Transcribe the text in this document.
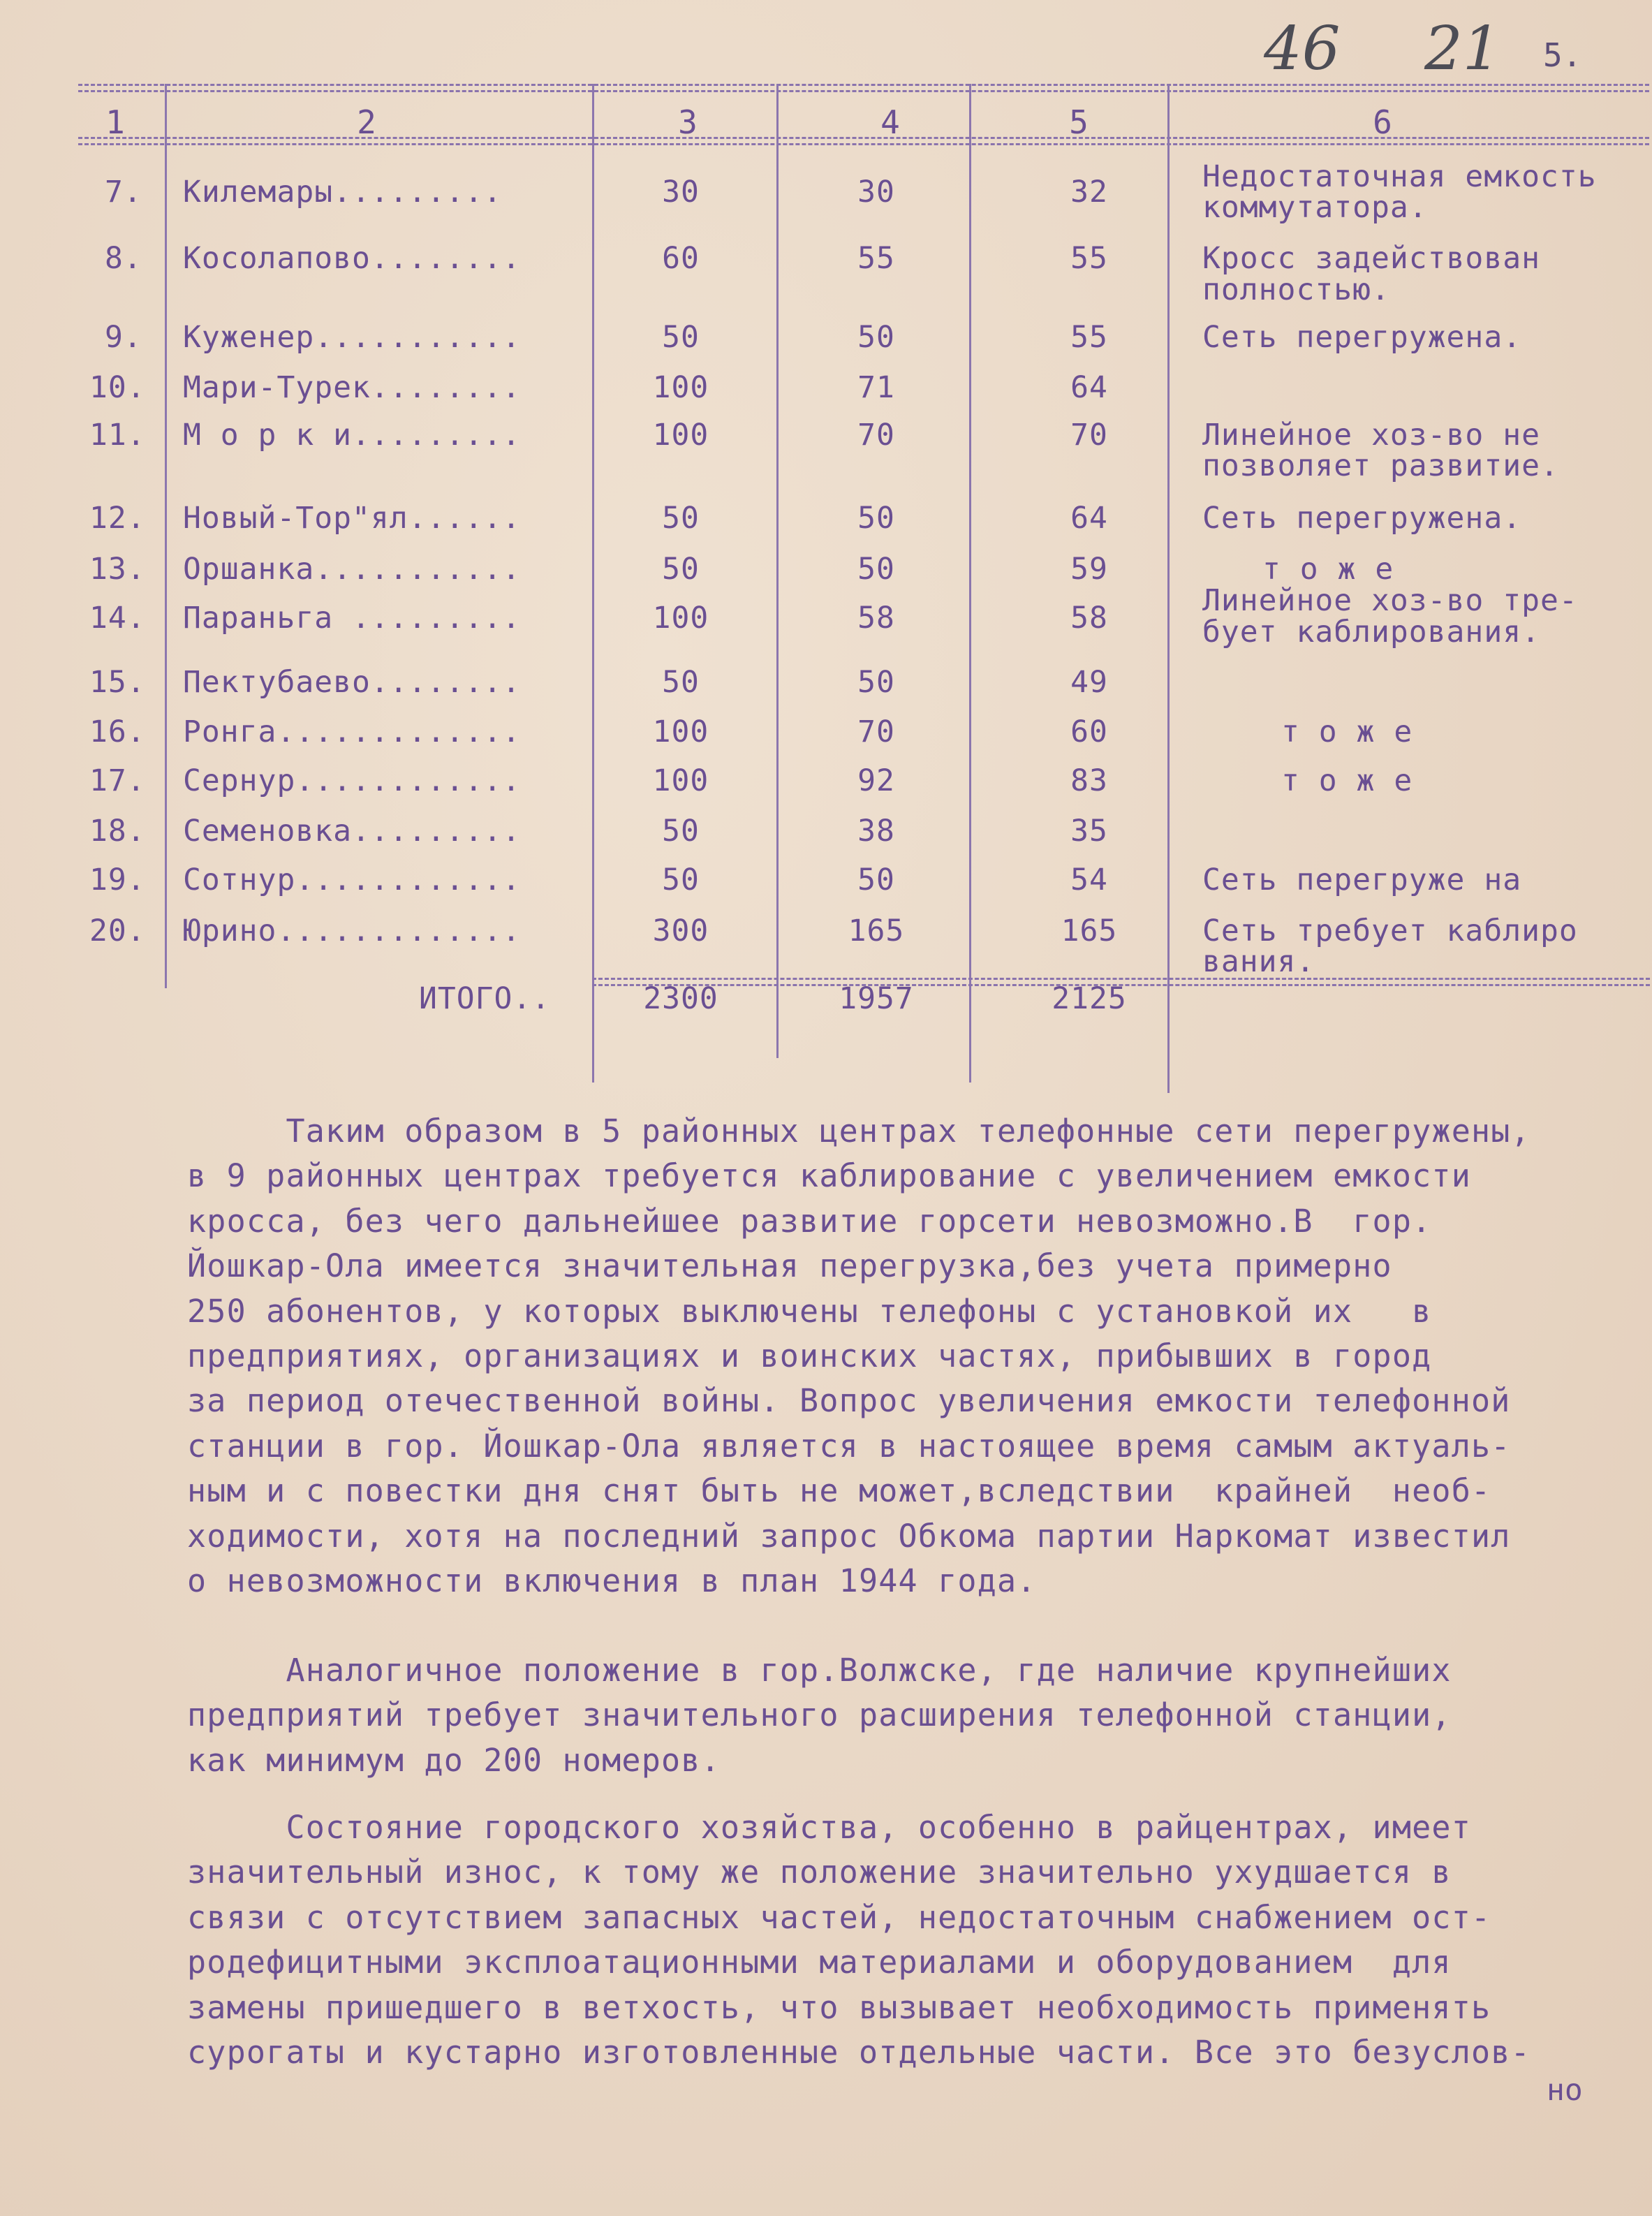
46 21 5.
1	2	3	4	5	6
7. Килемары.........	30	30	32	Недостаточная емкость
коммутатора.
8. Косолапово........	60	55	55	Кросс задействован
полностью.
9. Куженер...........	50	50	55	Сеть перегружена.
10. Мари-Турек........	100	71	64
11. М о р к и.........	100	70	70	Линейное хоз-во не
позволяет развитие.
12. Новый-Тор"ял......	50	50	64	Сеть перегружена.
13. Оршанка...........	50	50	59	т о ж е
14. Параньга .........	100	58	58	Линейное хоз-во тре-
бует каблирования.
15. Пектубаево........	50	50	49
16. Ронга.............	100	70	60	т о ж е
17. Сернур............	100	92	83	т о ж е
18. Семеновка.........	50	38	35
19. Сотнур............	50	50	54	Сеть перегруже на
20. Юрино.............	300	165	165	Сеть требует каблиро
вания.
ИТОГО..	2300	1957	2125
Таким образом в 5 районных центрах телефонные сети перегружены,
в 9 районных центрах требуется каблирование с увеличением емкости
кросса, без чего дальнейшее развитие горсети невозможно.В  гор.
Йошкар-Ола имеется значительная перегрузка,без учета примерно
250 абонентов, у которых выключены телефоны с установкой их   в
предприятиях, организациях и воинских частях, прибывших в город
за период отечественной войны. Вопрос увеличения емкости телефонной
станции в гор. Йошкар-Ола является в настоящее время самым актуаль-
ным и с повестки дня снят быть не может,вследствии  крайней  необ-
ходимости, хотя на последний запрос Обкома партии Наркомат известил
о невозможности включения в план 1944 года.
Аналогичное положение в гор.Волжске, где наличие крупнейших
предприятий требует значительного расширения телефонной станции,
как минимум до 200 номеров.
Состояние городского хозяйства, особенно в райцентрах, имеет
значительный износ, к тому же положение значительно ухудшается в
связи с отсутствием запасных частей, недостаточным снабжением ост-
родефицитными эксплоатационными материалами и оборудованием  для
замены пришедшего в ветхость, что вызывает необходимость применять
сурогаты и кустарно изготовленные отдельные части. Все это безуслов-
но
